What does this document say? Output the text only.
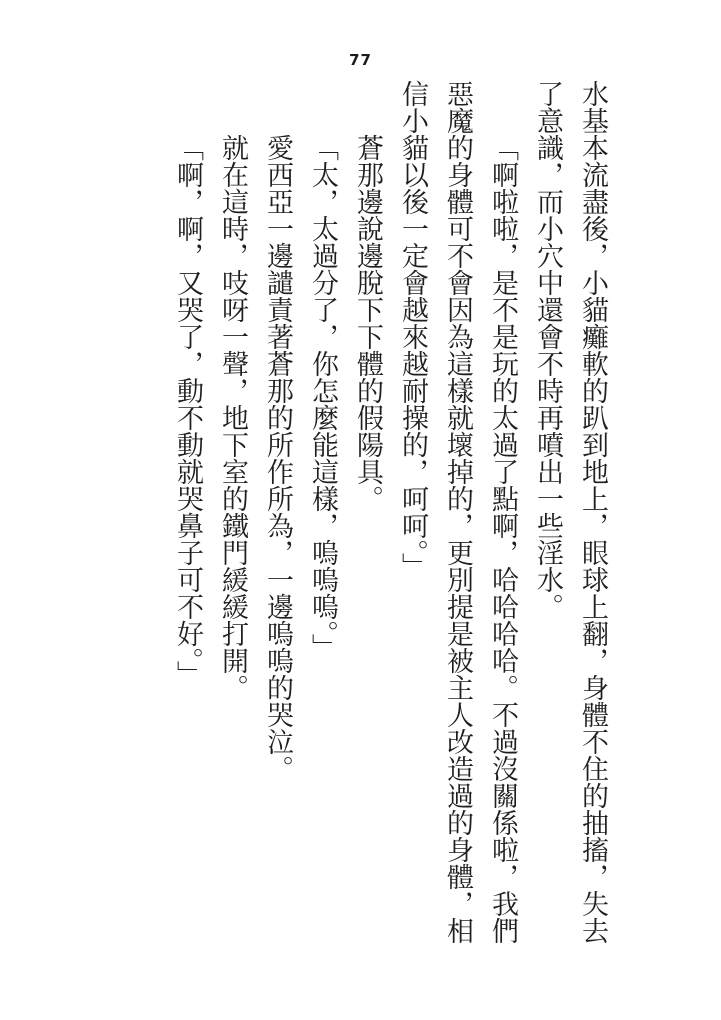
77

水基本流盡後，小貓癱軟的趴到地上，眼球上翻，身體不住的抽搐，失去了意識，而小穴中還會不時再噴出一些淫水。

「啊啦啦，是不是玩的太過了點啊，哈哈哈哈。不過沒關係啦，我們惡魔的身體可不會因為這樣就壞掉的，更別提是被主人改造過的身體，相信小貓以後一定會越來越耐操的，呵呵。」

蒼那邊說邊脫下下體的假陽具。

「太，太過分了，你怎麼能這樣，嗚嗚嗚。」

愛西亞一邊譴責著蒼那的所作所為，一邊嗚嗚的哭泣。

就在這時，吱呀一聲，地下室的鐵門緩緩打開。

「啊，啊，又哭了，動不動就哭鼻子可不好。」
